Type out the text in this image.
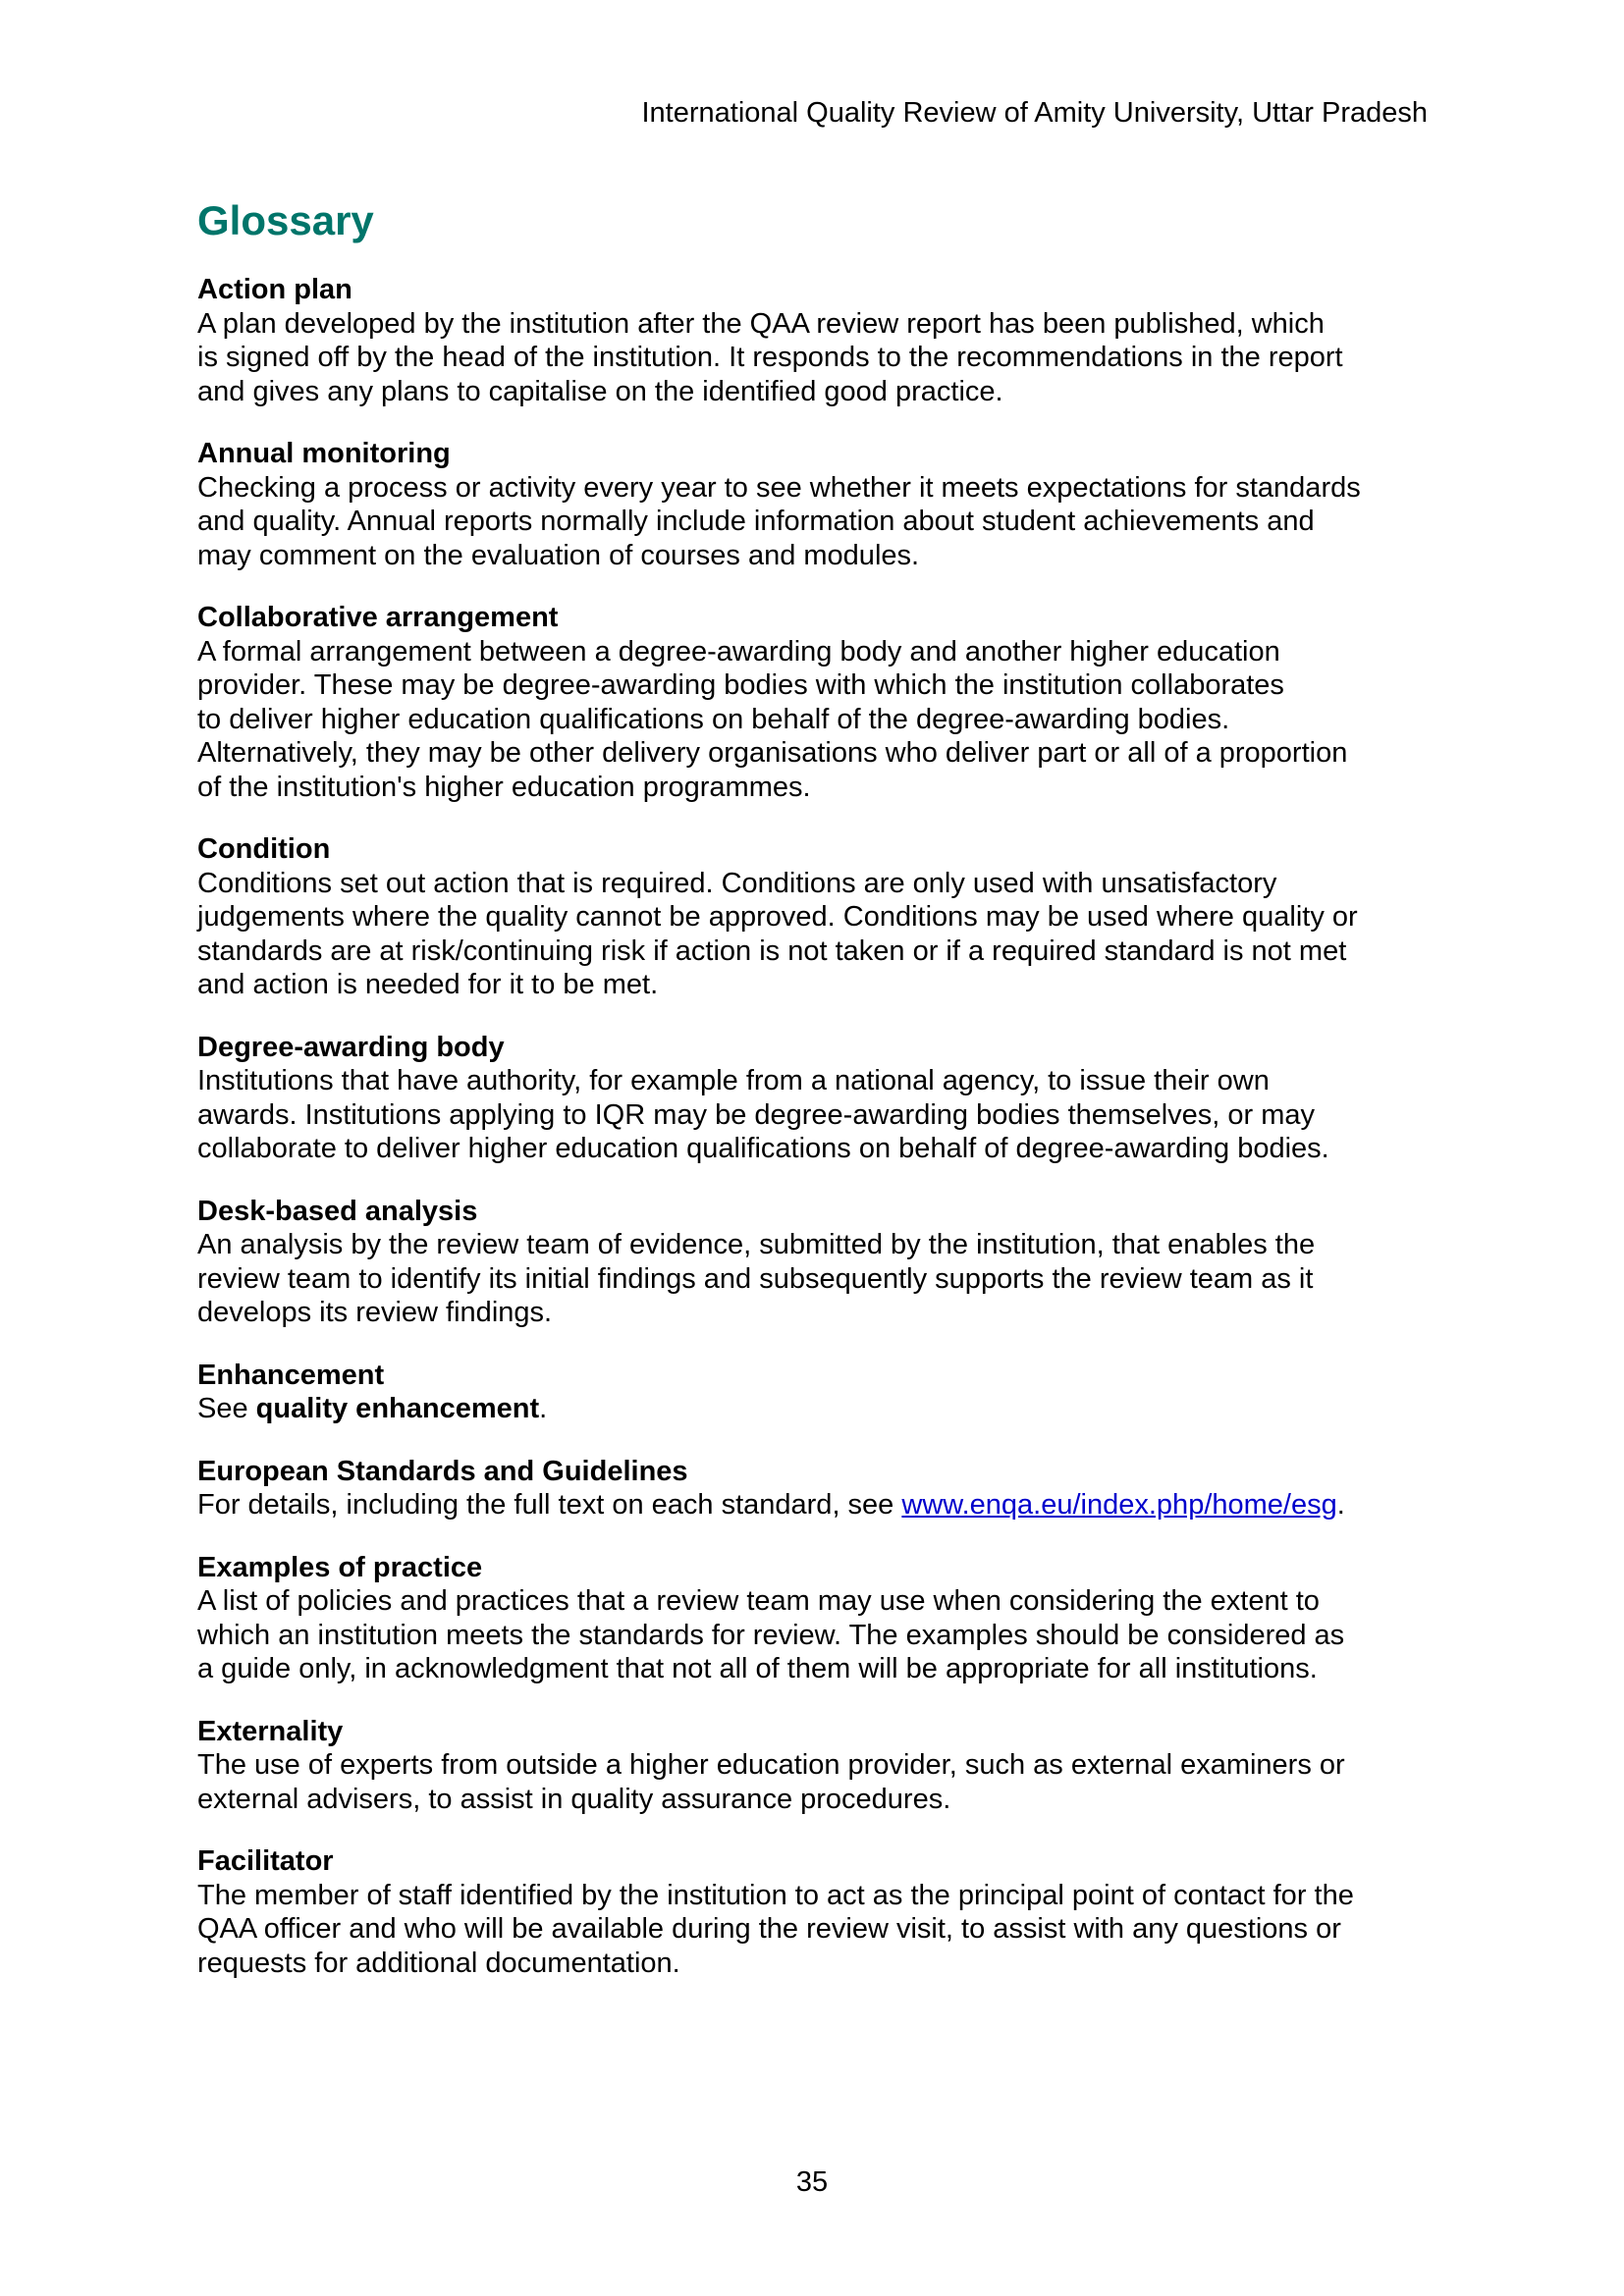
International Quality Review of Amity University, Uttar Pradesh
Glossary
Action plan
A plan developed by the institution after the QAA review report has been published, which
is signed off by the head of the institution. It responds to the recommendations in the report
and gives any plans to capitalise on the identified good practice.
Annual monitoring
Checking a process or activity every year to see whether it meets expectations for standards
and quality. Annual reports normally include information about student achievements and
may comment on the evaluation of courses and modules.
Collaborative arrangement
A formal arrangement between a degree-awarding body and another higher education
provider. These may be degree-awarding bodies with which the institution collaborates
to deliver higher education qualifications on behalf of the degree-awarding bodies.
Alternatively, they may be other delivery organisations who deliver part or all of a proportion
of the institution's higher education programmes.
Condition
Conditions set out action that is required. Conditions are only used with unsatisfactory
judgements where the quality cannot be approved. Conditions may be used where quality or
standards are at risk/continuing risk if action is not taken or if a required standard is not met
and action is needed for it to be met.
Degree-awarding body
Institutions that have authority, for example from a national agency, to issue their own
awards. Institutions applying to IQR may be degree-awarding bodies themselves, or may
collaborate to deliver higher education qualifications on behalf of degree-awarding bodies.
Desk-based analysis
An analysis by the review team of evidence, submitted by the institution, that enables the
review team to identify its initial findings and subsequently supports the review team as it
develops its review findings.
Enhancement
See quality enhancement.
European Standards and Guidelines
For details, including the full text on each standard, see www.enqa.eu/index.php/home/esg.
Examples of practice
A list of policies and practices that a review team may use when considering the extent to
which an institution meets the standards for review. The examples should be considered as
a guide only, in acknowledgment that not all of them will be appropriate for all institutions.
Externality
The use of experts from outside a higher education provider, such as external examiners or
external advisers, to assist in quality assurance procedures.
Facilitator
The member of staff identified by the institution to act as the principal point of contact for the
QAA officer and who will be available during the review visit, to assist with any questions or
requests for additional documentation.
35
